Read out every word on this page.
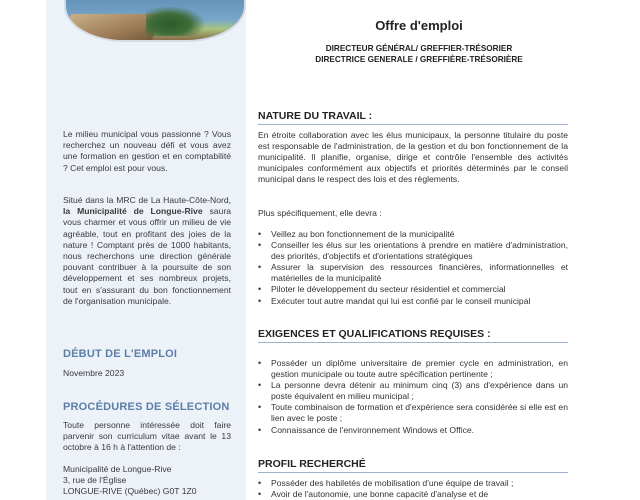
Le milieu municipal vous passionne ? Vous recherchez un nouveau défi et vous avez une formation en gestion et en comptabilité ? Cet emploi est pour vous.
Situé dans la MRC de La Haute-Côte-Nord, la Municipalité de Longue-Rive saura vous charmer et vous offrir un milieu de vie agréable, tout en profitant des joies de la nature ! Comptant près de 1000 habitants, nous recherchons une direction générale pouvant contribuer à la poursuite de son développement et ses nombreux projets, tout en s'assurant du bon fonctionnement de l'organisation municipale.
DÉBUT DE L'EMPLOI
Novembre 2023
PROCÉDURES DE SÉLECTION
Toute personne intéressée doit faire parvenir son curriculum vitae avant le 13 octobre à 16 h à l'attention de :
Municipalité de Longue-Rive
3, rue de l'Église
LONGUE-RIVE (Québec) G0T 1Z0
Offre d'emploi
DIRECTEUR GÉNÉRAL/ GREFFIER-TRÉSORIER
DIRECTRICE GENERALE / GREFFIÈRE-TRÉSORIÈRE
NATURE DU TRAVAIL :
En étroite collaboration avec les élus municipaux, la personne titulaire du poste est responsable de l'administration, de la gestion et du bon fonctionnement de la municipalité. Il planifie, organise, dirige et contrôle l'ensemble des activités municipales conformément aux objectifs et priorités déterminés par le conseil municipal dans le respect des lois et des règlements.
Plus spécifiquement, elle devra :
• Veillez au bon fonctionnement de la municipalité
• Conseiller les élus sur les orientations à prendre en matière d'administration, des priorités, d'objectifs et d'orientations stratégiques
• Assurer la supervision des ressources financières, informationnelles et matérielles de la municipalité
• Piloter le développement du secteur résidentiel et commercial
• Exécuter tout autre mandat qui lui est confié par le conseil municipal
EXIGENCES ET QUALIFICATIONS REQUISES :
• Posséder un diplôme universitaire de premier cycle en administration, en gestion municipale ou toute autre spécification pertinente ;
• La personne devra détenir au minimum cinq (3) ans d'expérience dans un poste équivalent en milieu municipal ;
• Toute combinaison de formation et d'expérience sera considérée si elle est en lien avec le poste ;
• Connaissance de l'environnement Windows et Office.
PROFIL RECHERCHÉ
• Posséder des habiletés de mobilisation d'une équipe de travail ;
• Avoir de l'autonomie, une bonne capacité d'analyse et de
